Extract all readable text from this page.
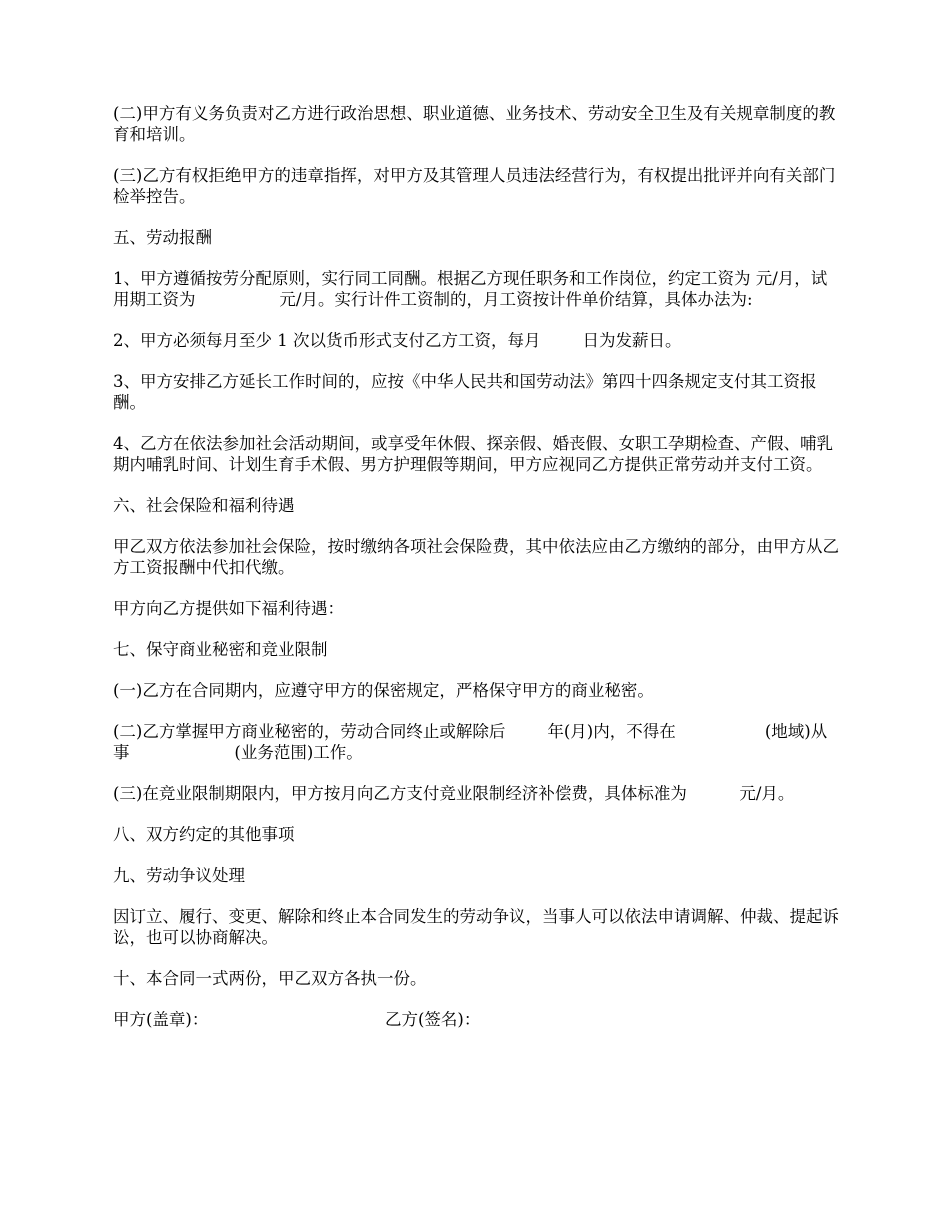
(二)甲方有义务负责对乙方进行政治思想、职业道德、业务技术、劳动安全卫生及有关规章制度的教育和培训。

(三)乙方有权拒绝甲方的违章指挥，对甲方及其管理人员违法经营行为，有权提出批评并向有关部门检举控告。

五、劳动报酬

1、甲方遵循按劳分配原则，实行同工同酬。根据乙方现任职务和工作岗位，约定工资为 元/月，试用期工资为                元/月。实行计件工资制的，月工资按计件单价结算，具体办法为:

2、甲方必须每月至少 1 次以货币形式支付乙方工资，每月        日为发薪日。

3、甲方安排乙方延长工作时间的，应按《中华人民共和国劳动法》第四十四条规定支付其工资报酬。

4、乙方在依法参加社会活动期间，或享受年休假、探亲假、婚丧假、女职工孕期检查、产假、哺乳期内哺乳时间、计划生育手术假、男方护理假等期间，甲方应视同乙方提供正常劳动并支付工资。

六、社会保险和福利待遇

甲乙双方依法参加社会保险，按时缴纳各项社会保险费，其中依法应由乙方缴纳的部分，由甲方从乙方工资报酬中代扣代缴。

甲方向乙方提供如下福利待遇：

七、保守商业秘密和竞业限制

(一)乙方在合同期内，应遵守甲方的保密规定，严格保守甲方的商业秘密。

(二)乙方掌握甲方商业秘密的，劳动合同终止或解除后        年(月)内，不得在                 (地域)从事                    (业务范围)工作。

(三)在竞业限制期限内，甲方按月向乙方支付竞业限制经济补偿费，具体标准为          元/月。

八、双方约定的其他事项

九、劳动争议处理

因订立、履行、变更、解除和终止本合同发生的劳动争议，当事人可以依法申请调解、仲裁、提起诉讼，也可以协商解决。

十、本合同一式两份，甲乙双方各执一份。

甲方(盖章)：	乙方(签名)：
